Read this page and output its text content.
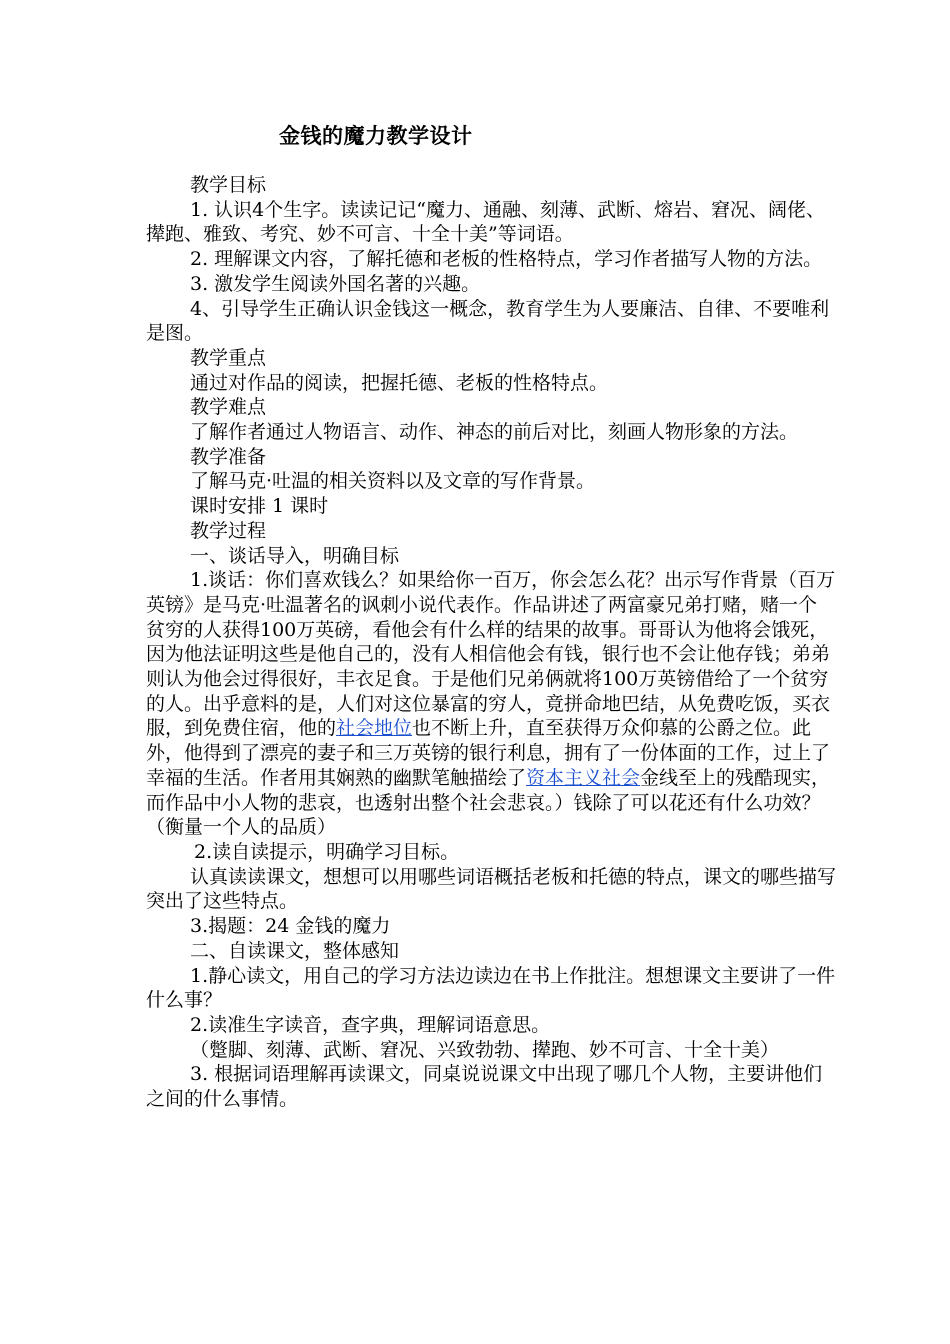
金钱的魔力教学设计

教学目标

1. 认识4个生字。读读记记“魔力、通融、刻薄、武断、熔岩、窘况、阔佬、撵跑、雅致、考究、妙不可言、十全十美”等词语。

2. 理解课文内容，了解托德和老板的性格特点，学习作者描写人物的方法。

3. 激发学生阅读外国名著的兴趣。

4、引导学生正确认识金钱这一概念，教育学生为人要廉洁、自律、不要唯利是图。

教学重点

通过对作品的阅读，把握托德、老板的性格特点。

教学难点

了解作者通过人物语言、动作、神态的前后对比，刻画人物形象的方法。

教学准备

了解马克·吐温的相关资料以及文章的写作背景。

课时安排 1 课时

教学过程

一、谈话导入，明确目标

1.谈话：你们喜欢钱么？如果给你一百万，你会怎么花？出示写作背景（百万英镑》是马克·吐温著名的讽刺小说代表作。作品讲述了两富豪兄弟打赌，赌一个贫穷的人获得100万英磅，看他会有什么样的结果的故事。哥哥认为他将会饿死，因为他法证明这些是他自己的，没有人相信他会有钱，银行也不会让他存钱；弟弟则认为他会过得很好，丰衣足食。于是他们兄弟俩就将100万英镑借给了一个贫穷的人。出乎意料的是，人们对这位暴富的穷人，竟拼命地巴结，从免费吃饭，买衣服，到免费住宿，他的社会地位也不断上升，直至获得万众仰慕的公爵之位。此外，他得到了漂亮的妻子和三万英镑的银行利息，拥有了一份体面的工作，过上了幸福的生活。作者用其娴熟的幽默笔触描绘了资本主义社会金线至上的残酷现实，而作品中小人物的悲哀，也透射出整个社会悲哀。）钱除了可以花还有什么功效？（衡量一个人的品质）

2.读自读提示，明确学习目标。

认真读读课文，想想可以用哪些词语概括老板和托德的特点，课文的哪些描写突出了这些特点。

3.揭题：24 金钱的魔力

二、自读课文，整体感知

1.静心读文，用自己的学习方法边读边在书上作批注。想想课文主要讲了一件什么事？

2.读准生字读音，查字典，理解词语意思。

（蹩脚、刻薄、武断、窘况、兴致勃勃、撵跑、妙不可言、十全十美）

3. 根据词语理解再读课文，同桌说说课文中出现了哪几个人物，主要讲他们之间的什么事情。
